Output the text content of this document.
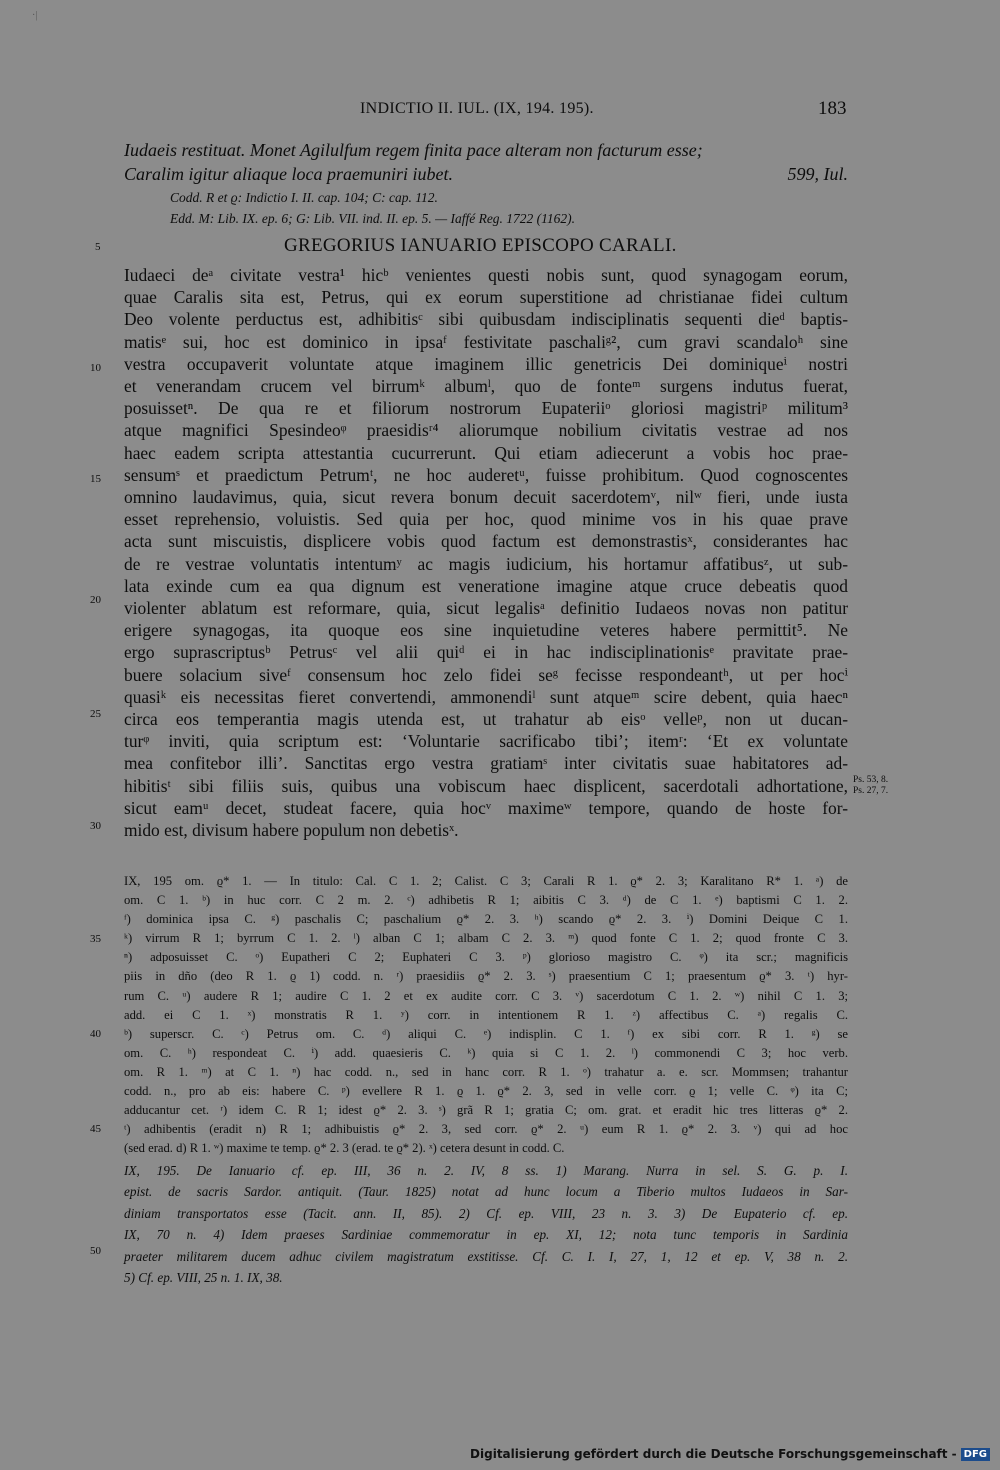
·|
INDICTIO II. IUL. (IX, 194. 195).	183
Iudaeis restituat. Monet Agilulfum regem finita pace alteram non facturum esse;
Caralim igitur aliaque loca praemuniri iubet.	599, Iul.
Codd. R et ϱ: Indictio I. II. cap. 104; C: cap. 112.
Edd. M: Lib. IX. ep. 6; G: Lib. VII. ind. II. ep. 5. — Iaffé Reg. 1722 (1162).
5	GREGORIUS IANUARIO EPISCOPO CARALI.
Iudaeci deᵃ civitate vestra¹ hicᵇ venientes questi nobis sunt, quod synagogam eorum,
quae Caralis sita est, Petrus, qui ex eorum superstitione ad christianae fidei cultum
Deo volente perductus est, adhibitisᶜ sibi quibusdam indisciplinatis sequenti dieᵈ baptis-
matisᵉ sui, hoc est dominico in ipsaᶠ festivitate paschaliᵍ², cum gravi scandaloʰ sine
vestra occupaverit voluntate atque imaginem illic genetricis Dei dominiqueⁱ nostri
et venerandam crucem vel birrumᵏ albumˡ, quo de fonteᵐ surgens indutus fuerat,
posuissetⁿ. De qua re et filiorum nostrorum Eupateriiᵒ gloriosi magistriᵖ militum³
atque magnifici Spesindeoᵠ praesidisʳ⁴ aliorumque nobilium civitatis vestrae ad nos
haec eadem scripta attestantia cucurrerunt. Qui etiam adiecerunt a vobis hoc prae-
sensumˢ et praedictum Petrumᵗ, ne hoc auderetᵘ, fuisse prohibitum. Quod cognoscentes
omnino laudavimus, quia, sicut revera bonum decuit sacerdotemᵛ, nilʷ fieri, unde iusta
esset reprehensio, voluistis. Sed quia per hoc, quod minime vos in his quae prave
acta sunt miscuistis, displicere vobis quod factum est demonstrastisˣ, considerantes hac
de re vestrae voluntatis intentumʸ ac magis iudicium, his hortamur affatibusᶻ, ut sub-
lata exinde cum ea qua dignum est veneratione imagine atque cruce debeatis quod
violenter ablatum est reformare, quia, sicut legalisᵃ definitio Iudaeos novas non patitur
erigere synagogas, ita quoque eos sine inquietudine veteres habere permittit⁵. Ne
ergo suprascriptusᵇ Petrusᶜ vel alii quiᵈ ei in hac indisciplinationisᵉ pravitate prae-
buere solacium siveᶠ consensum hoc zelo fidei seᵍ fecisse respondeantʰ, ut per hocⁱ
quasiᵏ eis necessitas fieret convertendi, ammonendiˡ sunt atqueᵐ scire debent, quia haecⁿ
circa eos temperantia magis utenda est, ut trahatur ab eisᵒ velleᵖ, non ut ducan-
turᵠ inviti, quia scriptum est: ‘Voluntarie sacrificabo tibi’; itemʳ: ‘Et ex voluntate
mea confitebor illi’. Sanctitas ergo vestra gratiamˢ inter civitatis suae habitatores ad-
hibitisᵗ sibi filiis suis, quibus una vobiscum haec displicent, sacerdotali adhortatione,
sicut eamᵘ decet, studeat facere, quia hocᵛ maximeʷ tempore, quando de hoste for-
mido est, divisum habere populum non debetisˣ.
10
15
20
25
30
Ps. 53, 8.
Ps. 27, 7.
IX, 195 om. ϱ* 1. — In titulo: Cal. C 1. 2; Calist. C 3; Carali R 1. ϱ* 2. 3; Karalitano R* 1. ᵃ) de
om. C 1. ᵇ) in huc corr. C 2 m. 2. ᶜ) adhibetis R 1; aibitis C 3. ᵈ) de C 1. ᵉ) baptismi C 1. 2.
ᶠ) dominica ipsa C. ᵍ) paschalis C; paschalium ϱ* 2. 3. ʰ) scando ϱ* 2. 3. ⁱ) Domini Deique C 1.
ᵏ) virrum R 1; byrrum C 1. 2. ˡ) alban C 1; albam C 2. 3. ᵐ) quod fonte C 1. 2; quod fronte C 3.
ⁿ) adposuisset C. ᵒ) Eupatheri C 2; Euphateri C 3. ᵖ) glorioso magistro C. ᵠ) ita scr.; magnificis
piis in dño (deo R 1. ϱ 1) codd. n. ʳ) praesidiis ϱ* 2. 3. ˢ) praesentium C 1; praesentum ϱ* 3. ᵗ) hyr-
rum C. ᵘ) audere R 1; audire C 1. 2 et ex audite corr. C 3. ᵛ) sacerdotum C 1. 2. ʷ) nihil C 1. 3;
add. ei C 1. ˣ) monstratis R 1. ʸ) corr. in intentionem R 1. ᶻ) affectibus C. ᵃ) regalis C.
ᵇ) superscr. C. ᶜ) Petrus om. C. ᵈ) aliqui C. ᵉ) indisplin. C 1. ᶠ) ex sibi corr. R 1. ᵍ) se
om. C. ʰ) respondeat C. ⁱ) add. quaesieris C. ᵏ) quia si C 1. 2. ˡ) commonendi C 3; hoc verb.
om. R 1. ᵐ) at C 1. ⁿ) hac codd. n., sed in hanc corr. R 1. ᵒ) trahatur a. e. scr. Mommsen; trahantur
codd. n., pro ab eis: habere C. ᵖ) evellere R 1. ϱ 1. ϱ* 2. 3, sed in velle corr. ϱ 1; velle C. ᵠ) ita C;
adducantur cet. ʳ) idem C. R 1; idest ϱ* 2. 3. ˢ) grã R 1; gratia C; om. grat. et eradit hic tres litteras ϱ* 2.
ᵗ) adhibentis (eradit n) R 1; adhibuistis ϱ* 2. 3, sed corr. ϱ* 2. ᵘ) eum R 1. ϱ* 2. 3. ᵛ) qui ad hoc
(sed erad. d) R 1. ʷ) maxime te temp. ϱ* 2. 3 (erad. te ϱ* 2). ˣ) cetera desunt in codd. C.
35
40
45
IX, 195. De Ianuario cf. ep. III, 36 n. 2. IV, 8 ss. 1) Marang. Nurra in sel. S. G. p. I.
epist. de sacris Sardor. antiquit. (Taur. 1825) notat ad hunc locum a Tiberio multos Iudaeos in Sar-
diniam transportatos esse (Tacit. ann. II, 85). 2) Cf. ep. VIII, 23 n. 3. 3) De Eupaterio cf. ep.
IX, 70 n. 4) Idem praeses Sardiniae commemoratur in ep. XI, 12; nota tunc temporis in Sardinia
praeter militarem ducem adhuc civilem magistratum exstitisse. Cf. C. I. I, 27, 1, 12 et ep. V, 38 n. 2.
5) Cf. ep. VIII, 25 n. 1. IX, 38.
50
Digitalisierung gefördert durch die Deutsche Forschungsgemeinschaft - DFG
